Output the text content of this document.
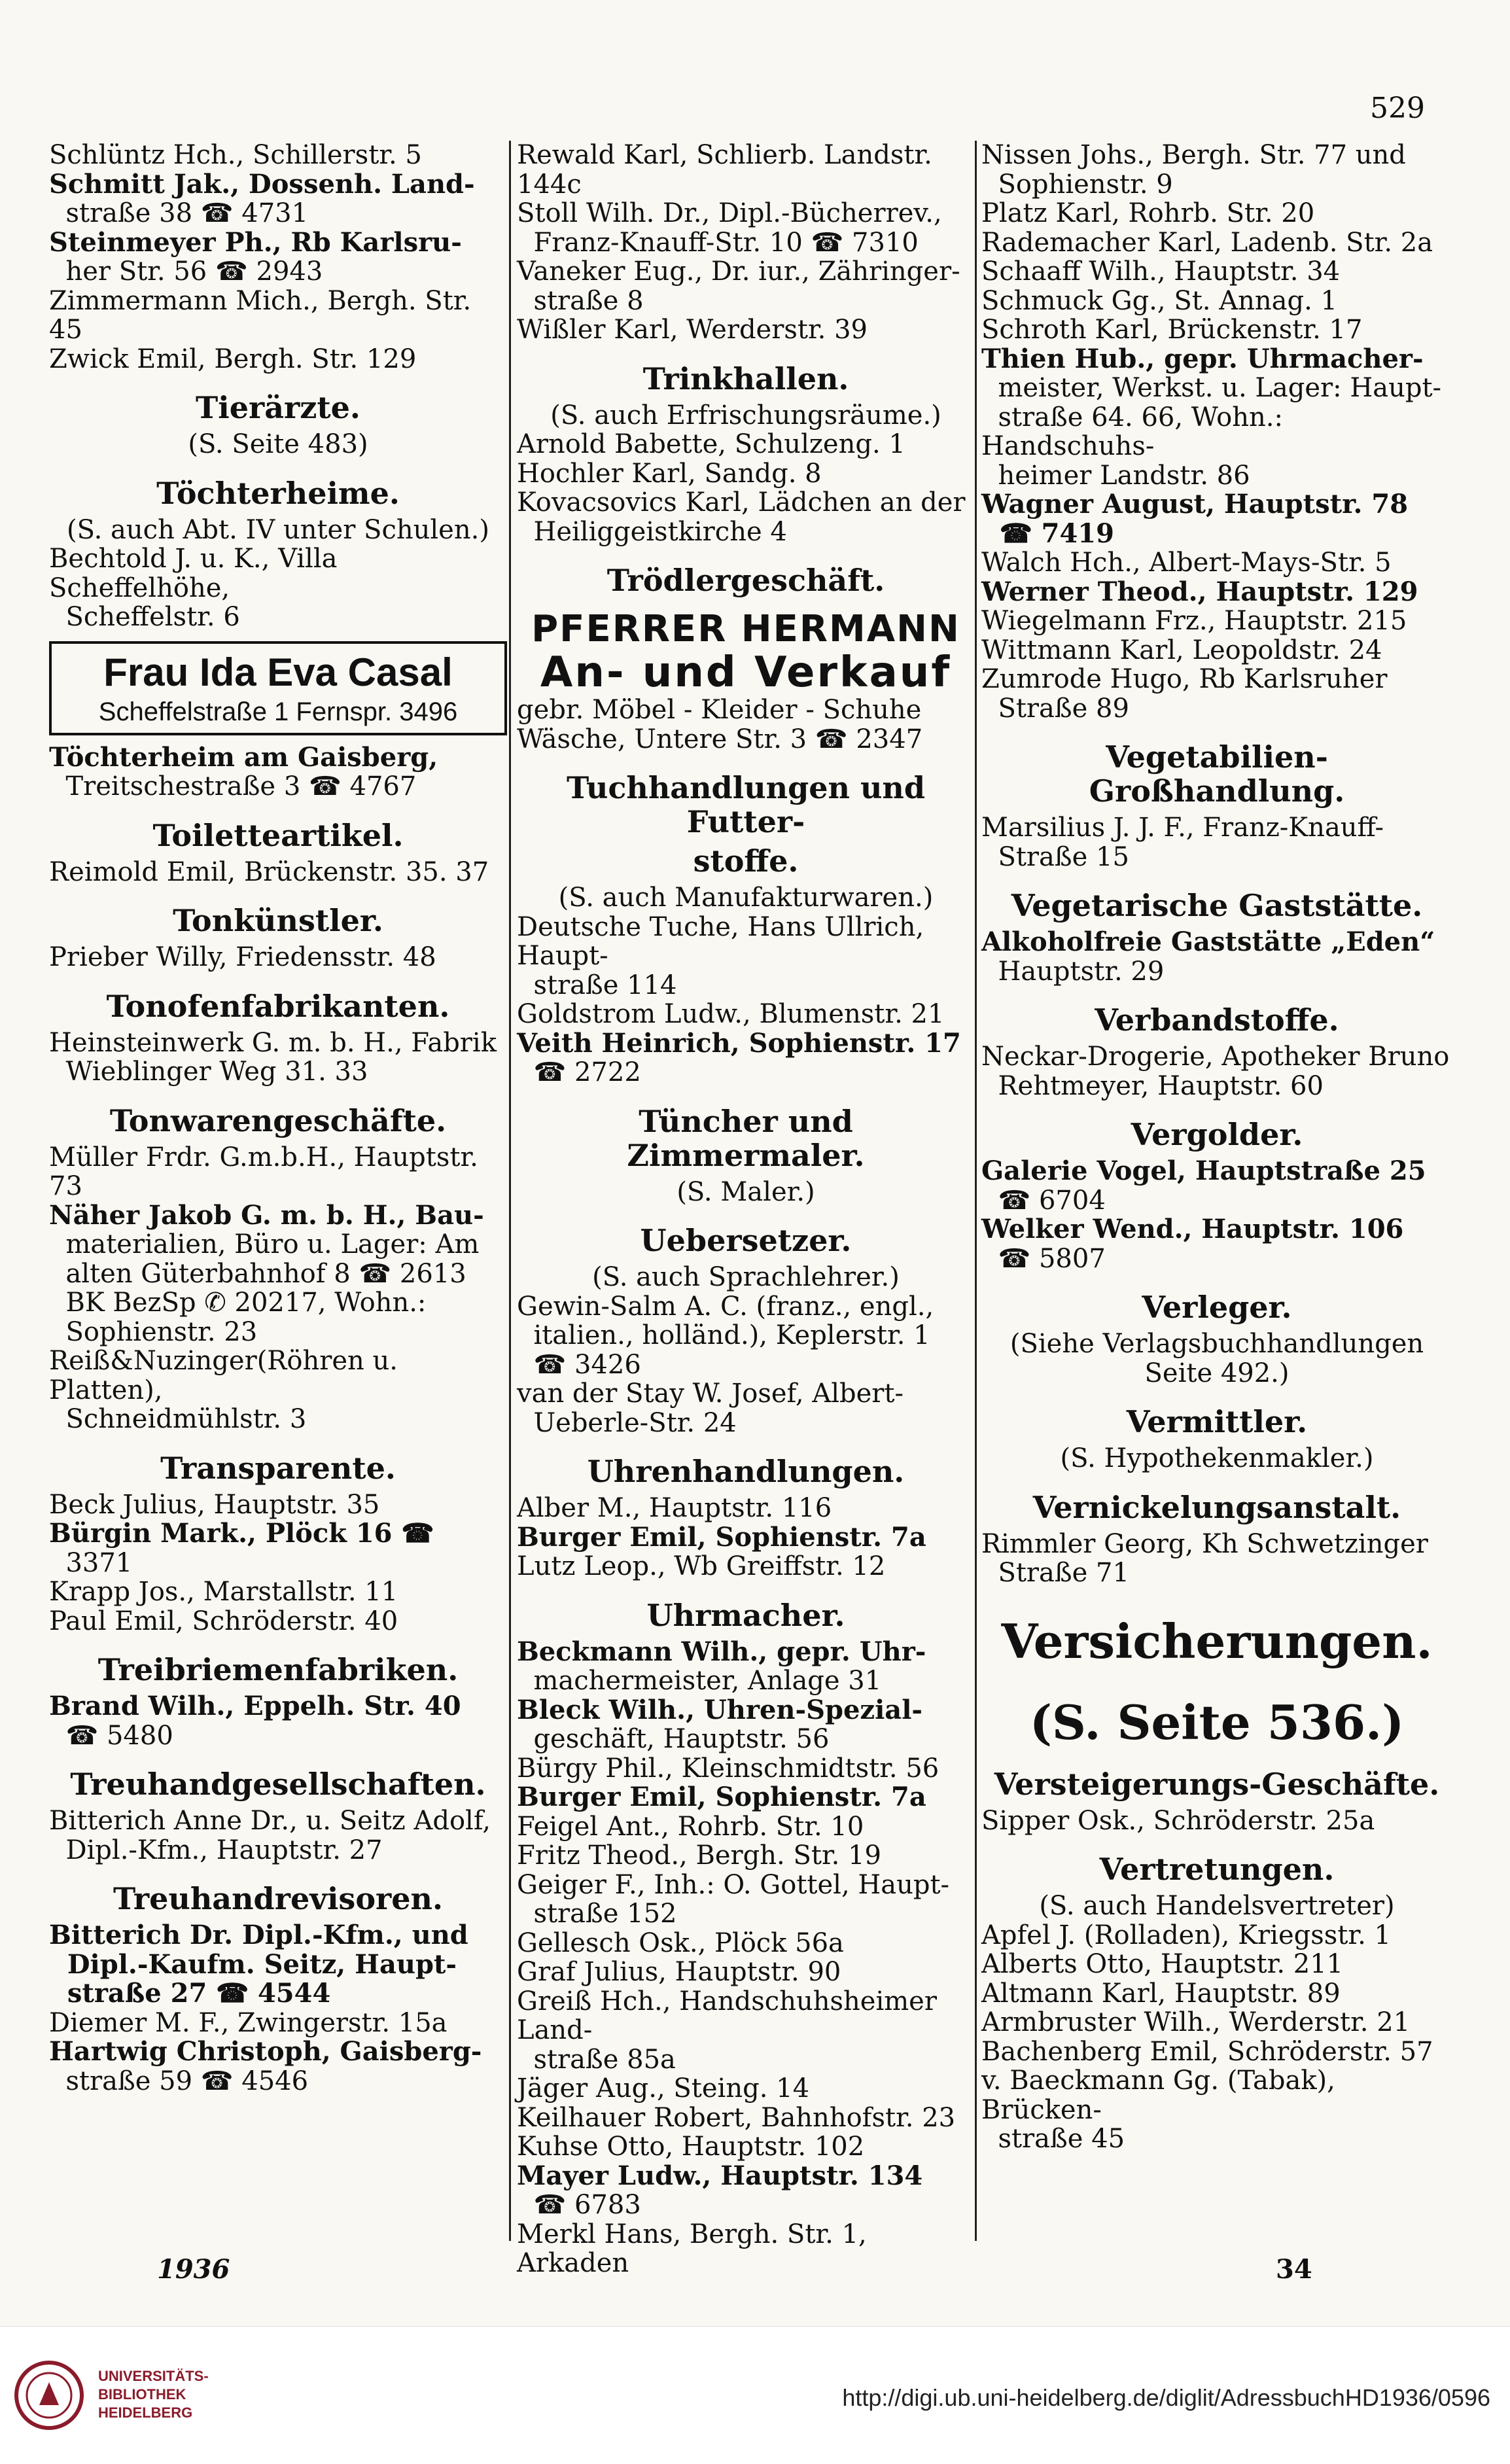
529
Schlüntz Hch., Schillerstr. 5
Schmitt Jak., Dossenh. Land-
straße 38 ☎ 4731
Steinmeyer Ph., Rb Karlsru-
her Str. 56 ☎ 2943
Zimmermann Mich., Bergh. Str. 45
Zwick Emil, Bergh. Str. 129
Tierärzte.
(S. Seite 483)
Töchterheime.
(S. auch Abt. IV unter Schulen.)
Bechtold J. u. K., Villa Scheffelhöhe,
Scheffelstr. 6
Frau Ida Eva Casal
Scheffelstraße 1 Fernspr. 3496
Töchterheim am Gaisberg,
Treitschestraße 3 ☎ 4767
Toiletteartikel.
Reimold Emil, Brückenstr. 35. 37
Tonkünstler.
Prieber Willy, Friedensstr. 48
Tonofenfabrikanten.
Heinsteinwerk G. m. b. H., Fabrik
Wieblinger Weg 31. 33
Tonwarengeschäfte.
Müller Frdr. G.m.b.H., Hauptstr. 73
Näher Jakob G. m. b. H., Bau-
materialien, Büro u. Lager: Am
alten Güterbahnhof 8 ☎ 2613
BK BezSp ✆ 20217, Wohn.:
Sophienstr. 23
Reiß&Nuzinger(Röhren u. Platten),
Schneidmühlstr. 3
Transparente.
Beck Julius, Hauptstr. 35
Bürgin Mark., Plöck 16 ☎
3371
Krapp Jos., Marstallstr. 11
Paul Emil, Schröderstr. 40
Treibriemenfabriken.
Brand Wilh., Eppelh. Str. 40
☎ 5480
Treuhandgesellschaften.
Bitterich Anne Dr., u. Seitz Adolf,
Dipl.-Kfm., Hauptstr. 27
Treuhandrevisoren.
Bitterich Dr. Dipl.-Kfm., und
Dipl.-Kaufm. Seitz, Haupt-
straße 27 ☎ 4544
Diemer M. F., Zwingerstr. 15a
Hartwig Christoph, Gaisberg-
straße 59 ☎ 4546
Rewald Karl, Schlierb. Landstr. 144c
Stoll Wilh. Dr., Dipl.-Bücherrev.,
Franz-Knauff-Str. 10 ☎ 7310
Vaneker Eug., Dr. iur., Zähringer-
straße 8
Wißler Karl, Werderstr. 39
Trinkhallen.
(S. auch Erfrischungsräume.)
Arnold Babette, Schulzeng. 1
Hochler Karl, Sandg. 8
Kovacsovics Karl, Lädchen an der
Heiliggeistkirche 4
Trödlergeschäft.
PFERRER HERMANN
An- und Verkauf
gebr. Möbel - Kleider - Schuhe
Wäsche, Untere Str. 3 ☎ 2347
Tuchhandlungen und Futter-
stoffe.
(S. auch Manufakturwaren.)
Deutsche Tuche, Hans Ullrich, Haupt-
straße 114
Goldstrom Ludw., Blumenstr. 21
Veith Heinrich, Sophienstr. 17
☎ 2722
Tüncher und Zimmermaler.
(S. Maler.)
Uebersetzer.
(S. auch Sprachlehrer.)
Gewin-Salm A. C. (franz., engl.,
italien., holländ.), Keplerstr. 1
☎ 3426
van der Stay W. Josef, Albert-
Ueberle-Str. 24
Uhrenhandlungen.
Alber M., Hauptstr. 116
Burger Emil, Sophienstr. 7a
Lutz Leop., Wb Greiffstr. 12
Uhrmacher.
Beckmann Wilh., gepr. Uhr-
machermeister, Anlage 31
Bleck Wilh., Uhren-Spezial-
geschäft, Hauptstr. 56
Bürgy Phil., Kleinschmidtstr. 56
Burger Emil, Sophienstr. 7a
Feigel Ant., Rohrb. Str. 10
Fritz Theod., Bergh. Str. 19
Geiger F., Inh.: O. Gottel, Haupt-
straße 152
Gellesch Osk., Plöck 56a
Graf Julius, Hauptstr. 90
Greiß Hch., Handschuhsheimer Land-
straße 85a
Jäger Aug., Steing. 14
Keilhauer Robert, Bahnhofstr. 23
Kuhse Otto, Hauptstr. 102
Mayer Ludw., Hauptstr. 134
☎ 6783
Merkl Hans, Bergh. Str. 1, Arkaden
Nissen Johs., Bergh. Str. 77 und
Sophienstr. 9
Platz Karl, Rohrb. Str. 20
Rademacher Karl, Ladenb. Str. 2a
Schaaff Wilh., Hauptstr. 34
Schmuck Gg., St. Annag. 1
Schroth Karl, Brückenstr. 17
Thien Hub., gepr. Uhrmacher-
meister, Werkst. u. Lager: Haupt-
straße 64. 66, Wohn.: Handschuhs-
heimer Landstr. 86
Wagner August, Hauptstr. 78
☎ 7419
Walch Hch., Albert-Mays-Str. 5
Werner Theod., Hauptstr. 129
Wiegelmann Frz., Hauptstr. 215
Wittmann Karl, Leopoldstr. 24
Zumrode Hugo, Rb Karlsruher
Straße 89
Vegetabilien-Großhandlung.
Marsilius J. J. F., Franz-Knauff-
Straße 15
Vegetarische Gaststätte.
Alkoholfreie Gaststätte „Eden“
Hauptstr. 29
Verbandstoffe.
Neckar-Drogerie, Apotheker Bruno
Rehtmeyer, Hauptstr. 60
Vergolder.
Galerie Vogel, Hauptstraße 25
☎ 6704
Welker Wend., Hauptstr. 106
☎ 5807
Verleger.
(Siehe Verlagsbuchhandlungen
Seite 492.)
Vermittler.
(S. Hypothekenmakler.)
Vernickelungsanstalt.
Rimmler Georg, Kh Schwetzinger
Straße 71
Versicherungen.
(S. Seite 536.)
Versteigerungs-Geschäfte.
Sipper Osk., Schröderstr. 25a
Vertretungen.
(S. auch Handelsvertreter)
Apfel J. (Rolladen), Kriegsstr. 1
Alberts Otto, Hauptstr. 211
Altmann Karl, Hauptstr. 89
Armbruster Wilh., Werderstr. 21
Bachenberg Emil, Schröderstr. 57
v. Baeckmann Gg. (Tabak), Brücken-
straße 45
1936	34
UNIVERSITÄTS-
BIBLIOTHEK
HEIDELBERG
http://digi.ub.uni-heidelberg.de/diglit/AdressbuchHD1936/0596
